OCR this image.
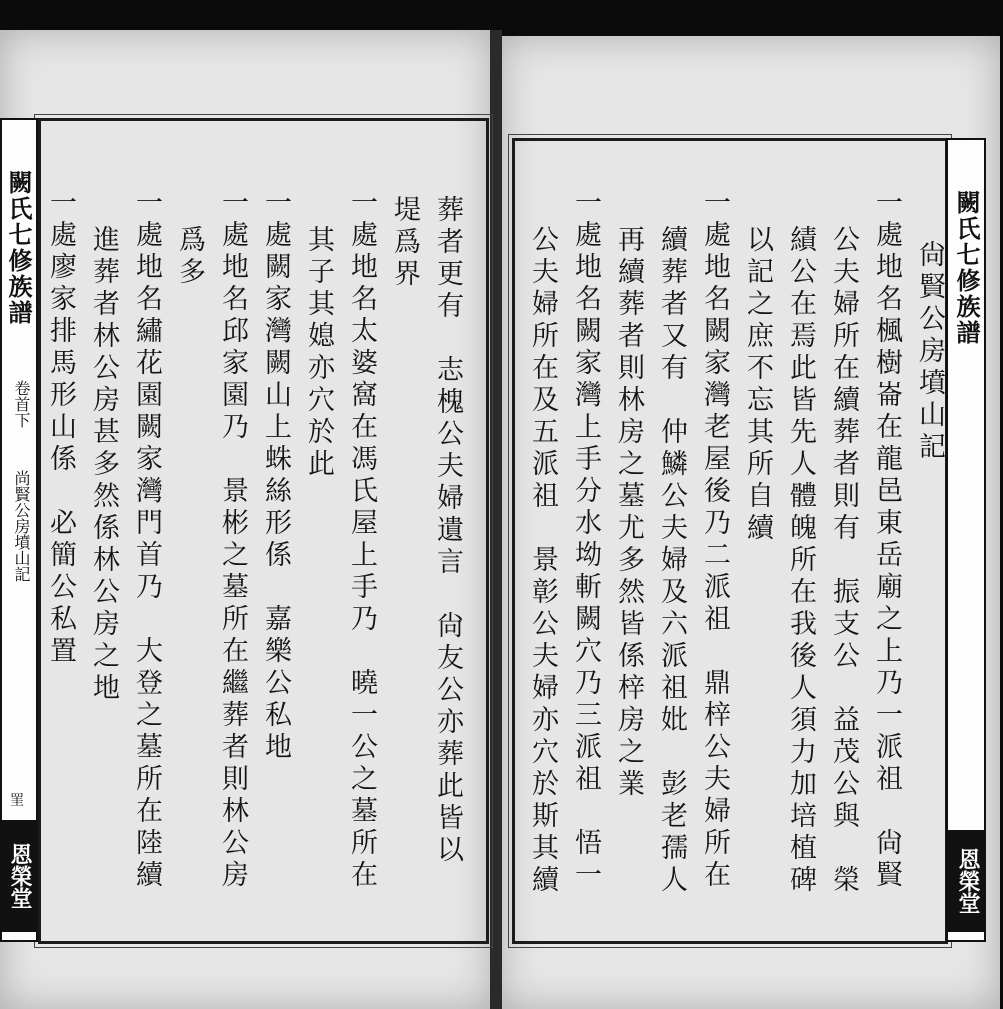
闕氏七修族譜
卷首下
尚賢公房墳山記
罣
恩榮堂
闕氏七修族譜
恩榮堂
葬者更有　志槐公夫婦遺言　尙友公亦葬此皆以
堤爲界
一處地名太婆窩在馮氏屋上手乃　曉一公之墓所在
其子其媳亦穴於此
一處闕家灣闕山上蛛絲形係　嘉樂公私地
一處地名邱家園乃　景彬之墓所在繼葬者則林公房
爲多
一處地名繡花園闕家灣門首乃　大登之墓所在陸續
進葬者林公房甚多然係林公房之地
一處廖家排馬形山係　必簡公私置	尙賢公房墳山記
一處地名楓樹崙在龍邑東岳廟之上乃一派祖　尙賢
公夫婦所在續葬者則有　振支公　益茂公與　榮
績公在焉此皆先人體魄所在我後人須力加培植碑
以記之庶不忘其所自續
一處地名闕家灣老屋後乃二派祖　鼎梓公夫婦所在
續葬者又有　仲鱗公夫婦及六派祖妣　彭老孺人
再續葬者則林房之墓尤多然皆係梓房之業
一處地名闕家灣上手分水坳斬闕穴乃三派祖　悟一
公夫婦所在及五派祖　景彰公夫婦亦穴於斯其續
